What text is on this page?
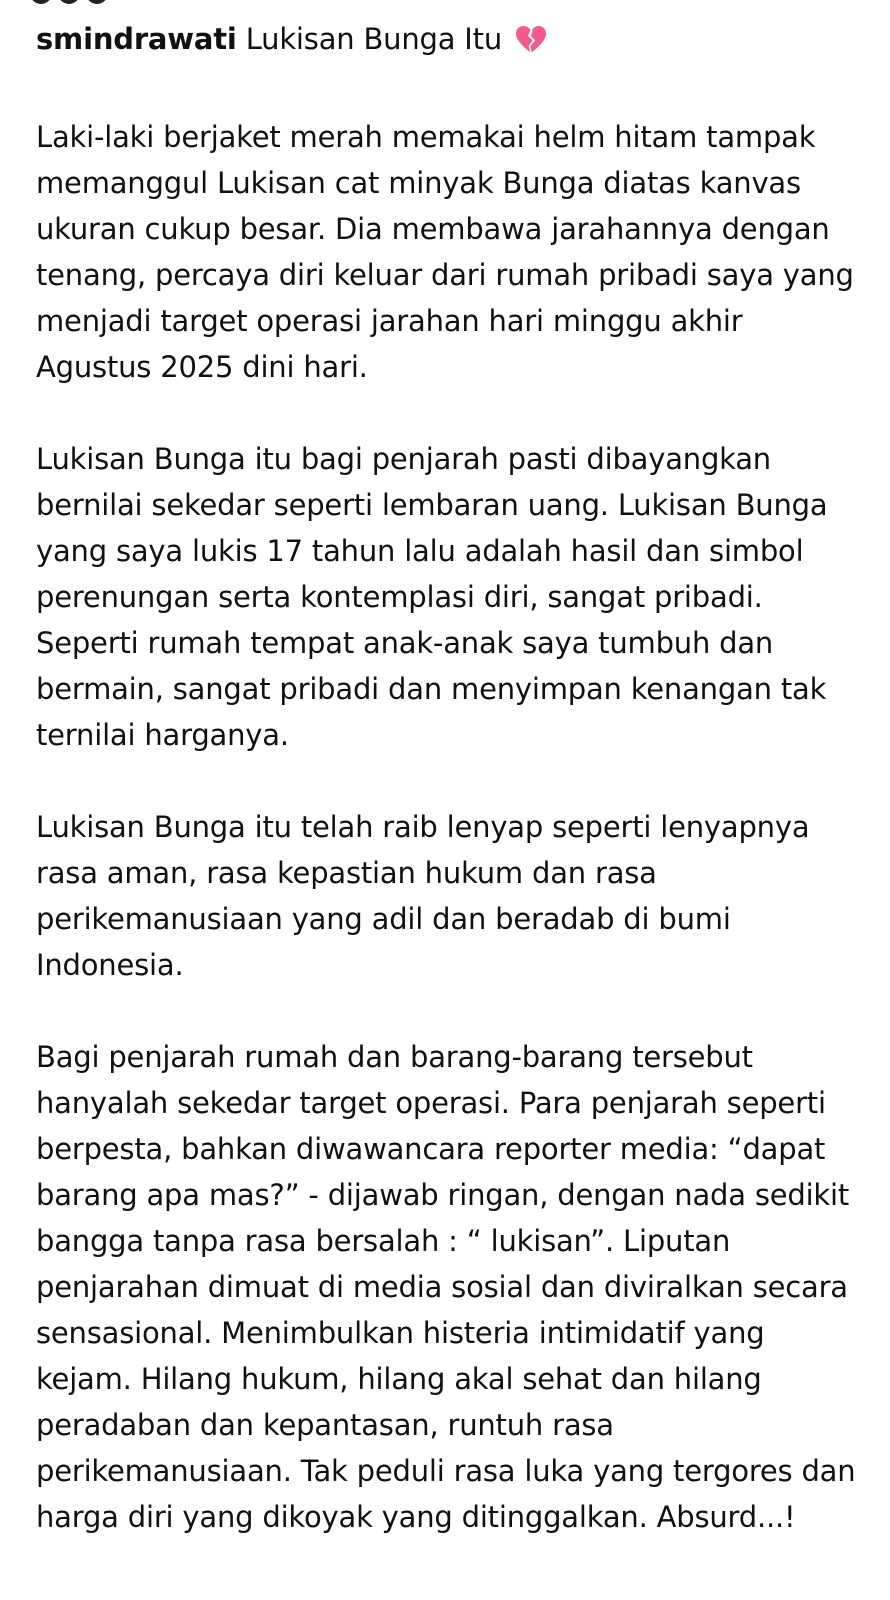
smindrawati Lukisan Bunga Itu

Laki-laki berjaket merah memakai helm hitam tampak memanggul Lukisan cat minyak Bunga diatas kanvas ukuran cukup besar. Dia membawa jarahannya dengan tenang, percaya diri keluar dari rumah pribadi saya yang menjadi target operasi jarahan hari minggu akhir Agustus 2025 dini hari.

Lukisan Bunga itu bagi penjarah pasti dibayangkan bernilai sekedar seperti lembaran uang. Lukisan Bunga yang saya lukis 17 tahun lalu adalah hasil dan simbol perenungan serta kontemplasi diri, sangat pribadi. Seperti rumah tempat anak-anak saya tumbuh dan bermain, sangat pribadi dan menyimpan kenangan tak ternilai harganya.

Lukisan Bunga itu telah raib lenyap seperti lenyapnya rasa aman, rasa kepastian hukum dan rasa perikemanusiaan yang adil dan beradab di bumi Indonesia.

Bagi penjarah rumah dan barang-barang tersebut hanyalah sekedar target operasi. Para penjarah seperti berpesta, bahkan diwawancara reporter media: “dapat barang apa mas?” - dijawab ringan, dengan nada sedikit bangga tanpa rasa bersalah : “ lukisan”. Liputan penjarahan dimuat di media sosial dan diviralkan secara sensasional. Menimbulkan histeria intimidatif yang kejam. Hilang hukum, hilang akal sehat dan hilang peradaban dan kepantasan, runtuh rasa perikemanusiaan. Tak peduli rasa luka yang tergores dan harga diri yang dikoyak yang ditinggalkan. Absurd...!
